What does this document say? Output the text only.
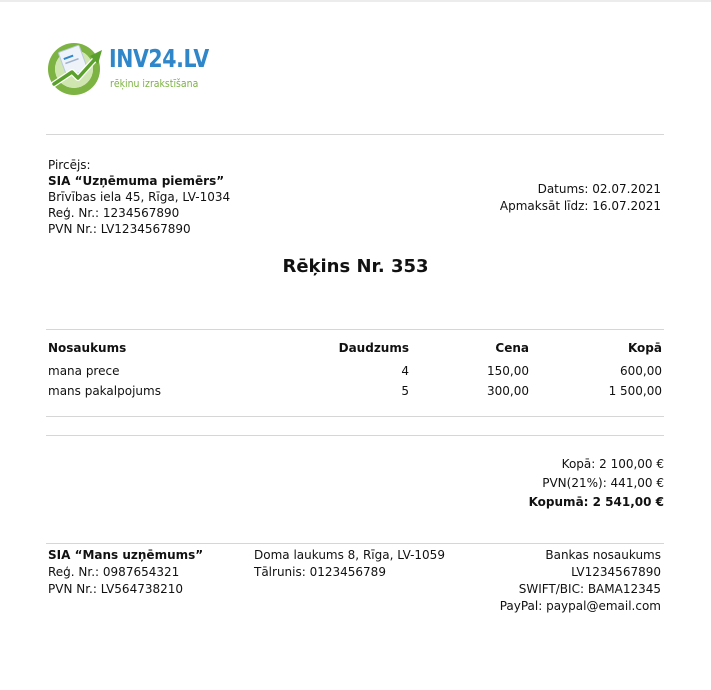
INV24.LV
rēķinu izrakstīšana
Pircējs:
SIA “Uzņēmuma piemērs”
Brīvības iela 45, Rīga, LV-1034
Reģ. Nr.: 1234567890
PVN Nr.: LV1234567890
Datums: 02.07.2021
Apmaksāt līdz: 16.07.2021
Rēķins Nr. 353
Nosaukums	Daudzums	Cena	Kopā
mana prece	4	150,00	600,00
mans pakalpojums	5	300,00	1 500,00
Kopā: 2 100,00 €
PVN(21%): 441,00 €
Kopumā: 2 541,00 €
SIA “Mans uzņēmums”
Reģ. Nr.: 0987654321
PVN Nr.: LV564738210
Doma laukums 8, Rīga, LV-1059
Tālrunis: 0123456789
Bankas nosaukums
LV1234567890
SWIFT/BIC: BAMA12345
PayPal: paypal@email.com
